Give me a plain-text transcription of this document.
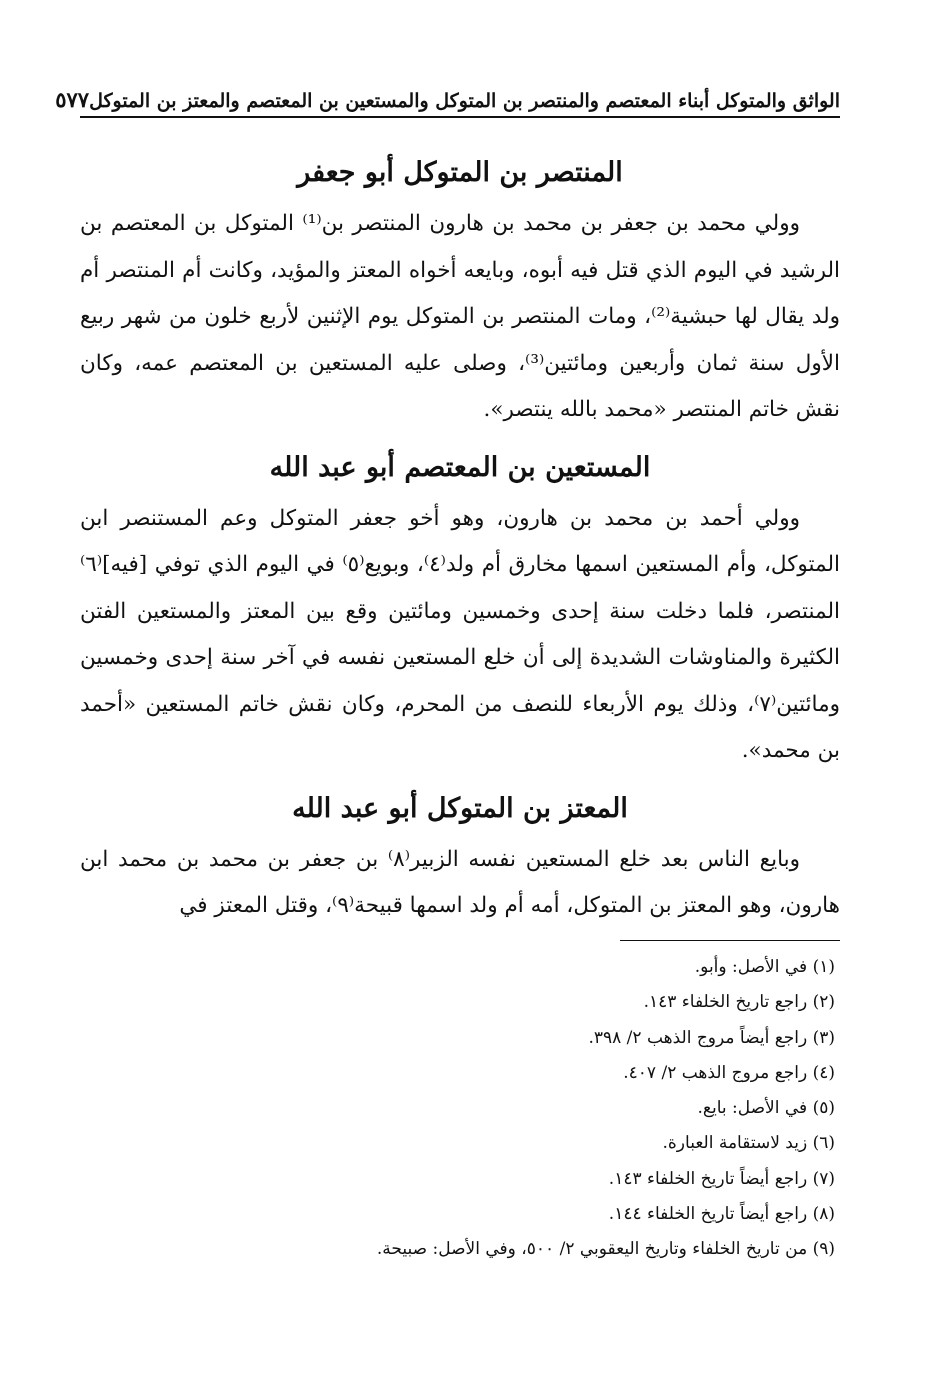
الواثق والمتوكل أبناء المعتصم والمنتصر بن المتوكل والمستعين بن المعتصم والمعتز بن المتوكل
٥٧٧
المنتصر بن المتوكل أبو جعفر

وولي محمد بن جعفر بن محمد بن هارون المنتصر بن⁽¹⁾ المتوكل بن المعتصم بن الرشيد في اليوم الذي قتل فيه أبوه، وبايعه أخواه المعتز والمؤيد، وكانت أم المنتصر أم ولد يقال لها حبشية⁽²⁾، ومات المنتصر بن المتوكل يوم الإثنين لأربع خلون من شهر ربيع الأول سنة ثمان وأربعين ومائتين⁽³⁾، وصلى عليه المستعين بن المعتصم عمه، وكان نقش خاتم المنتصر «محمد بالله ينتصر».

المستعين بن المعتصم أبو عبد الله

وولي أحمد بن محمد بن هارون، وهو أخو جعفر المتوكل وعم المستنصر ابن المتوكل، وأم المستعين اسمها مخارق أم ولد⁽٤⁾، وبويع⁽٥⁾ في اليوم الذي توفي [فيه]⁽٦⁾ المنتصر، فلما دخلت سنة إحدى وخمسين ومائتين وقع بين المعتز والمستعين الفتن الكثيرة والمناوشات الشديدة إلى أن خلع المستعين نفسه في آخر سنة إحدى وخمسين ومائتين⁽٧⁾، وذلك يوم الأربعاء للنصف من المحرم، وكان نقش خاتم المستعين «أحمد بن محمد».

المعتز بن المتوكل أبو عبد الله

وبايع الناس بعد خلع المستعين نفسه الزبير⁽٨⁾ بن جعفر بن محمد بن محمد ابن هارون، وهو المعتز بن المتوكل، أمه أم ولد اسمها قبيحة⁽٩⁾، وقتل المعتز في

(١) في الأصل: وأبو.
(٢) راجع تاريخ الخلفاء ١٤٣.
(٣) راجع أيضاً مروج الذهب ٢/ ٣٩٨.
(٤) راجع مروج الذهب ٢/ ٤٠٧.
(٥) في الأصل: بايع.
(٦) زيد لاستقامة العبارة.
(٧) راجع أيضاً تاريخ الخلفاء ١٤٣.
(٨) راجع أيضاً تاريخ الخلفاء ١٤٤.
(٩) من تاريخ الخلفاء وتاريخ اليعقوبي ٢/ ٥٠٠، وفي الأصل: صبيحة.
